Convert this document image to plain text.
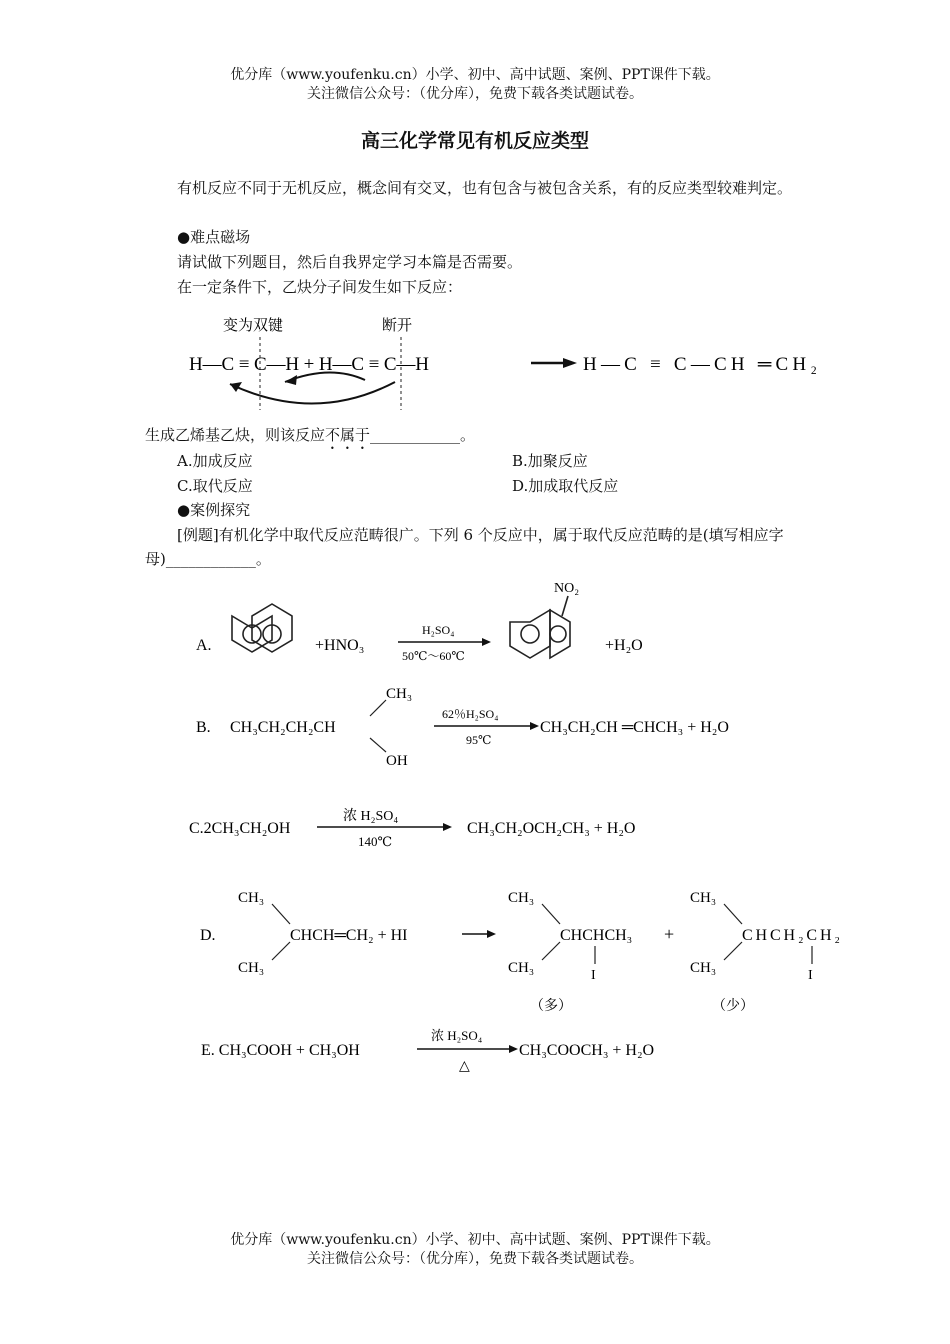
优分库（www.youfenku.cn）小学、初中、高中试题、案例、PPT课件下载。
关注微信公众号：（优分库），免费下载各类试题试卷。
高三化学常见有机反应类型
有机反应不同于无机反应，概念间有交叉，也有包含与被包含关系，有的反应类型较难判定。
●难点磁场
请试做下列题目，然后自我界定学习本篇是否需要。
在一定条件下，乙炔分子间发生如下反应：
变为双键	断开
H—C ≡ C—H + H—C ≡ C—H	H—C ≡ C—CH ═CH₂
生成乙烯基乙炔，则该反应不属于____________。
A.加成反应	B.加聚反应
C.取代反应	D.加成取代反应
●案例探究
[例题]有机化学中取代反应范畴很广。下列 6 个反应中，属于取代反应范畴的是(填写相应字母)____________。
A.	+HNO₃
H₂SO₄
50℃～60℃
NO₂
+H₂O
B. CH₃CH₂CH₂CH
CH₃
OH
62％H₂SO₄
95℃
CH₃CH₂CH ═CHCH₃ + H₂O
C.2CH₃CH₂OH
浓 H₂SO₄
140℃
CH₃CH₂OCH₂CH₃ + H₂O
D.
CH₃
CH₃
CHCH═CH₂ + HI
CH₃
CH₃
CHCHCH₃
I
+
CH₃
CH₃
CHCH₂CH₂
I
（多）	（少）
E. CH₃COOH + CH₃OH
浓 H₂SO₄
△
CH₃COOCH₃ + H₂O
优分库（www.youfenku.cn）小学、初中、高中试题、案例、PPT课件下载。
关注微信公众号：（优分库），免费下载各类试题试卷。
